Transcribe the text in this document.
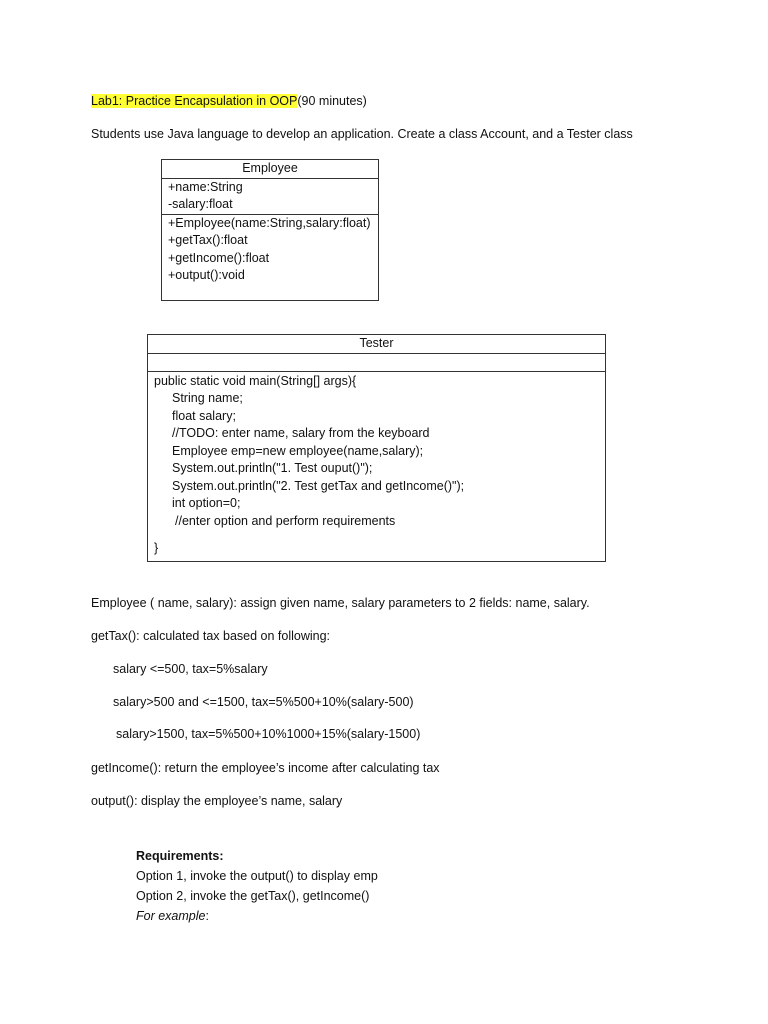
Lab1: Practice Encapsulation in OOP(90 minutes)
Students use Java language to develop an application. Create a class Account, and a Tester class
Employee
+name:String
-salary:float
+Employee(name:String,salary:float)
+getTax():float
+getIncome():float
+output():void
Tester
public static void main(String[] args){
String name;
float salary;
//TODO: enter name, salary from the keyboard
Employee emp=new employee(name,salary);
System.out.println("1. Test ouput()");
System.out.println("2. Test getTax and getIncome()");
int option=0;
//enter option and perform requirements
}
Employee ( name, salary): assign given name, salary parameters to 2 fields: name, salary.
getTax(): calculated tax based on following:
salary <=500, tax=5%salary
salary>500 and <=1500, tax=5%500+10%(salary-500)
salary>1500, tax=5%500+10%1000+15%(salary-1500)
getIncome(): return the employee’s income after calculating tax
output(): display the employee’s name, salary
Requirements:
Option 1, invoke the output() to display emp
Option 2, invoke the getTax(), getIncome()
For example:
